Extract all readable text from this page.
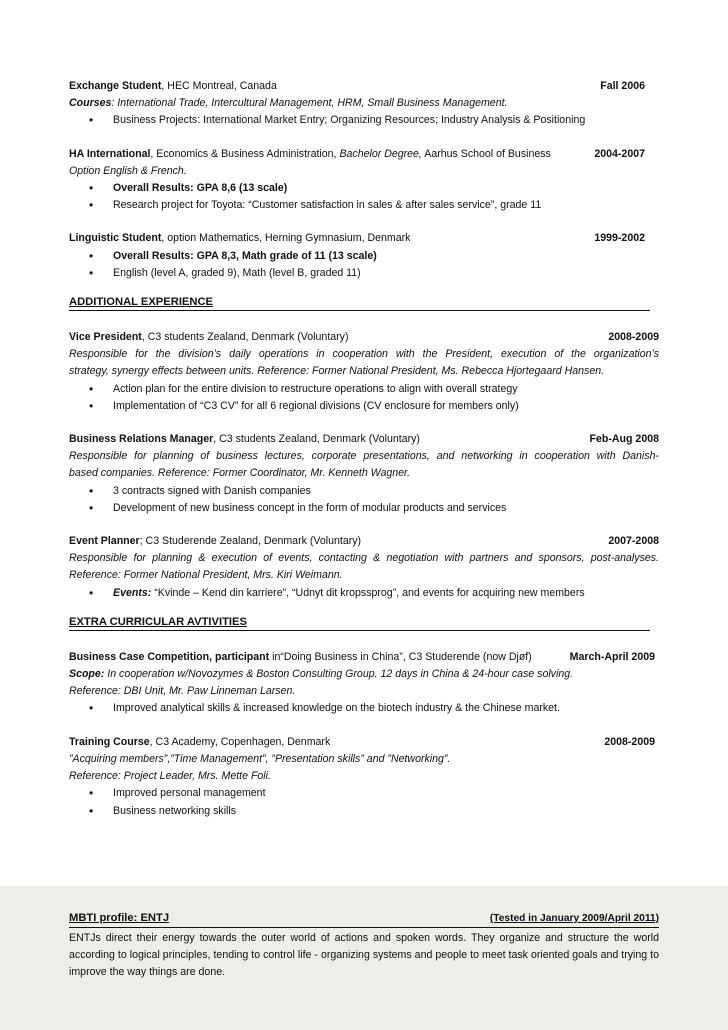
Exchange Student, HEC Montreal, Canada	Fall 2006
Courses: International Trade, Intercultural Management, HRM, Small Business Management.
• Business Projects: International Market Entry; Organizing Resources; Industry Analysis & Positioning
HA International, Economics & Business Administration, Bachelor Degree, Aarhus School of Business	2004-2007
Option English & French.
• Overall Results: GPA 8,6 (13 scale)
• Research project for Toyota: “Customer satisfaction in sales & after sales service”, grade 11
Linguistic Student, option Mathematics, Herning Gymnasium, Denmark	1999-2002
• Overall Results: GPA 8,3, Math grade of 11 (13 scale)
• English (level A, graded 9), Math (level B, graded 11)
ADDITIONAL EXPERIENCE
Vice President, C3 students Zealand, Denmark (Voluntary)	2008-2009
Responsible for the division’s daily operations in cooperation with the President, execution of the organization’s
strategy, synergy effects between units. Reference: Former National President, Ms. Rebecca Hjortegaard Hansen.
• Action plan for the entire division to restructure operations to align with overall strategy
• Implementation of “C3 CV” for all 6 regional divisions (CV enclosure for members only)
Business Relations Manager, C3 students Zealand, Denmark (Voluntary)	Feb-Aug 2008
Responsible for planning of business lectures, corporate presentations, and networking in cooperation with Danish-
based companies. Reference: Former Coordinator, Mr. Kenneth Wagner.
• 3 contracts signed with Danish companies
• Development of new business concept in the form of modular products and services
Event Planner; C3 Studerende Zealand, Denmark (Voluntary)	2007-2008
Responsible for planning & execution of events, contacting & negotiation with partners and sponsors, post-analyses.
Reference: Former National President, Mrs. Kiri Weimann.
• Events: “Kvinde – Kend din karriere”, “Udnyt dit kropssprog”, and events for acquiring new members
EXTRA CURRICULAR AVTIVITIES
Business Case Competition, participant in“Doing Business in China”, C3 Studerende (now Djøf)	March-April 2009
Scope: In cooperation w/Novozymes & Boston Consulting Group. 12 days in China & 24-hour case solving.
Reference: DBI Unit, Mr. Paw Linneman Larsen.
• Improved analytical skills & increased knowledge on the biotech industry & the Chinese market.
Training Course, C3 Academy, Copenhagen, Denmark	2008-2009
”Acquiring members”,”Time Management”, ”Presentation skills” and ”Networking”.
Reference: Project Leader, Mrs. Mette Foli.
• Improved personal management
• Business networking skills
MBTI profile: ENTJ	(Tested in January 2009/April 2011)
ENTJs direct their energy towards the outer world of actions and spoken words. They organize and structure the world according to logical principles, tending to control life - organizing systems and people to meet task oriented goals and trying to improve the way things are done.
